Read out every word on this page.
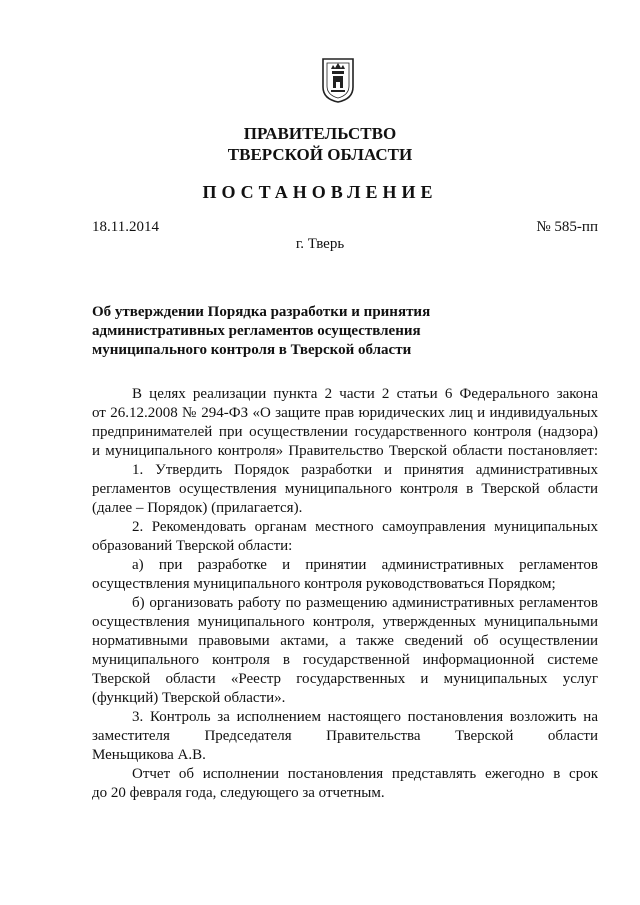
ПРАВИТЕЛЬСТВО
ТВЕРСКОЙ ОБЛАСТИ
ПОСТАНОВЛЕНИЕ
18.11.2014	№ 585-пп
г. Тверь
Об утверждении Порядка разработки и принятия
административных регламентов осуществления
муниципального контроля в Тверской области
В целях реализации пункта 2 части 2 статьи 6 Федерального закона
от 26.12.2008 № 294-ФЗ «О защите прав юридических лиц и индивидуальных
предпринимателей при осуществлении государственного контроля (надзора)
и муниципального контроля» Правительство Тверской области постановляет:
1. Утвердить Порядок разработки и принятия административных
регламентов осуществления муниципального контроля в Тверской области
(далее – Порядок) (прилагается).
2. Рекомендовать органам местного самоуправления муниципальных
образований Тверской области:
а) при разработке и принятии административных регламентов
осуществления муниципального контроля руководствоваться Порядком;
б) организовать работу по размещению административных регламентов
осуществления муниципального контроля, утвержденных муниципальными
нормативными правовыми актами, а также сведений об осуществлении
муниципального контроля в государственной информационной системе
Тверской области «Реестр государственных и муниципальных услуг
(функций) Тверской области».
3. Контроль за исполнением настоящего постановления возложить на
заместителя Председателя Правительства Тверской области
Меньщикова А.В.
Отчет об исполнении постановления представлять ежегодно в срок
до 20 февраля года, следующего за отчетным.
